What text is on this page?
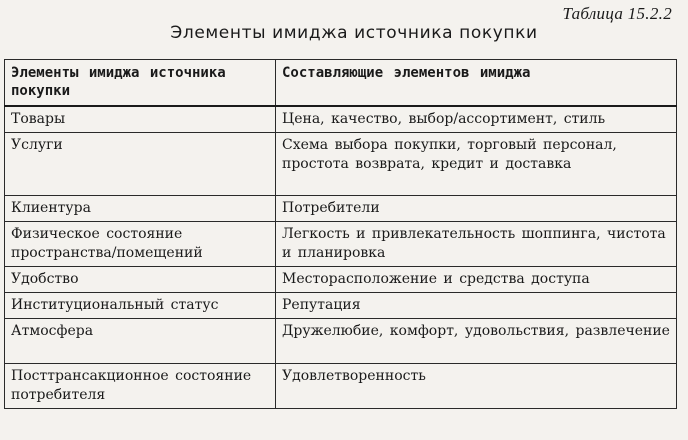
Таблица 15.2.2
Элементы имиджа источника покупки
Элементы имиджа источника покупки	Составляющие элементов имиджа
Товары	Цена, качество, выбор/ассортимент, стиль
Услуги	Схема выбора покупки, торговый персонал, простота возврата, кредит и доставка
Клиентура	Потребители
Физическое состояние пространства/помещений	Легкость и привлекательность шоппинга, чистота и планировка
Удобство	Месторасположение и средства доступа
Институциональный статус	Репутация
Атмосфера	Дружелюбие, комфорт, удовольствия, развлечение
Посттрансакционное состояние потребителя	Удовлетворенность
